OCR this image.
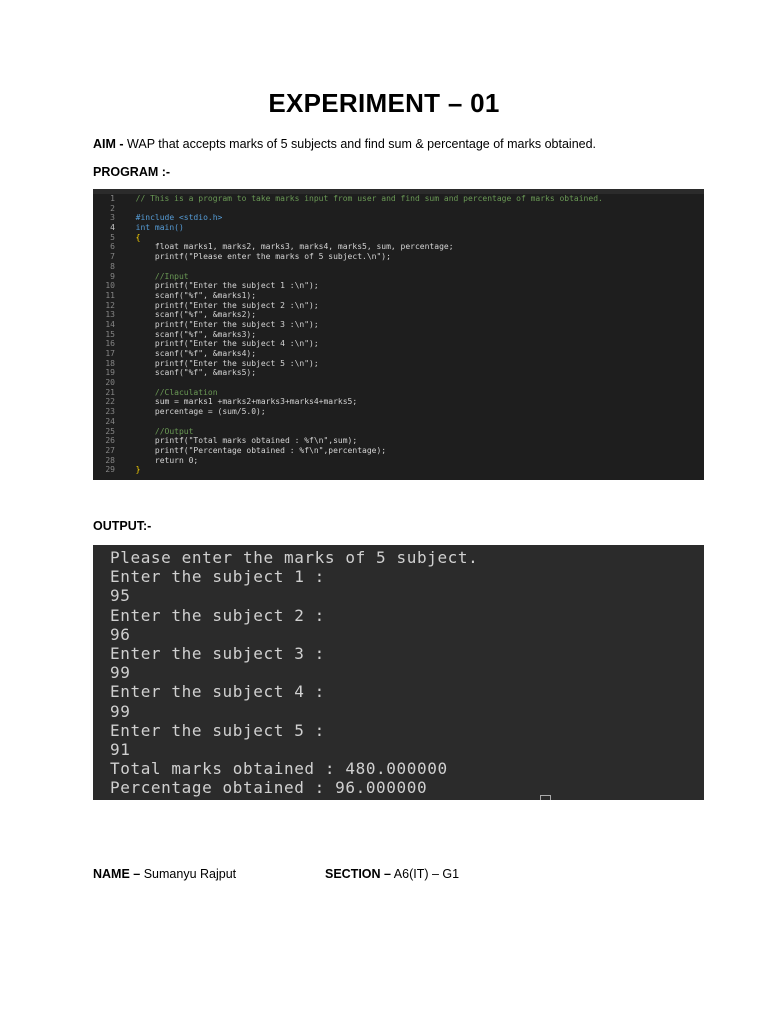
EXPERIMENT – 01
AIM - WAP that accepts marks of 5 subjects and find sum & percentage of marks obtained.
PROGRAM :-
1	// This is a program to take marks input from user and find sum and percentage of marks obtained.
2
3	#include <stdio.h>
4	int main()
5	{
6	float marks1, marks2, marks3, marks4, marks5, sum, percentage;
7	printf("Please enter the marks of 5 subject.\n");
8
9	//Input
10	printf("Enter the subject 1 :\n");
11	scanf("%f", &marks1);
12	printf("Enter the subject 2 :\n");
13	scanf("%f", &marks2);
14	printf("Enter the subject 3 :\n");
15	scanf("%f", &marks3);
16	printf("Enter the subject 4 :\n");
17	scanf("%f", &marks4);
18	printf("Enter the subject 5 :\n");
19	scanf("%f", &marks5);
20
21	//Claculation
22	sum = marks1 +marks2+marks3+marks4+marks5;
23	percentage = (sum/5.0);
24
25	//Output
26	printf("Total marks obtained : %f\n",sum);
27	printf("Percentage obtained : %f\n",percentage);
28	return 0;
29	}
OUTPUT:-
Please enter the marks of 5 subject.
Enter the subject 1 :
95
Enter the subject 2 :
96
Enter the subject 3 :
99
Enter the subject 4 :
99
Enter the subject 5 :
91
Total marks obtained : 480.000000
Percentage obtained : 96.000000
NAME – Sumanyu Rajput	SECTION – A6(IT) – G1
